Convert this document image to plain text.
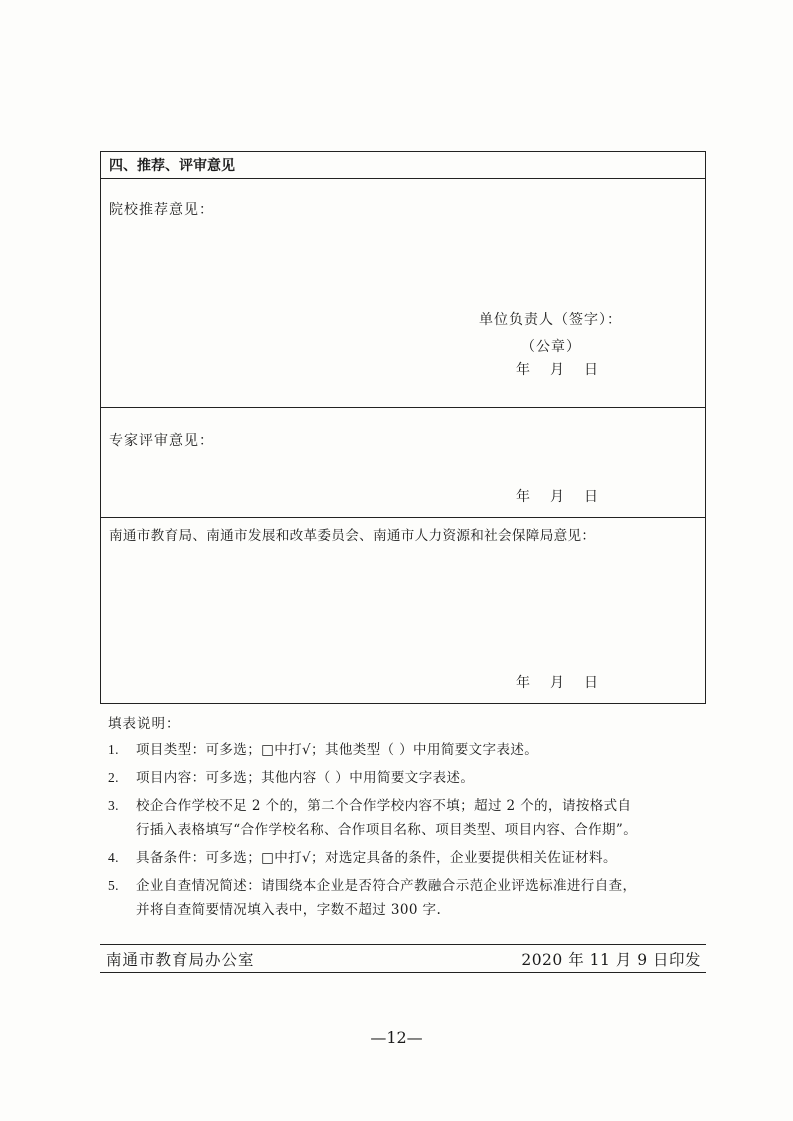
四、推荐、评审意见
院校推荐意见：
单位负责人（签字）：
（公章）
年 月 日
专家评审意见：
年 月 日
南通市教育局、南通市发展和改革委员会、南通市人力资源和社会保障局意见：
年 月 日
填表说明：
1. 项目类型：可多选；□中打√；其他类型（ ）中用简要文字表述。
2. 项目内容：可多选；其他内容（ ）中用简要文字表述。
3. 校企合作学校不足 2 个的，第二个合作学校内容不填；超过 2 个的，请按格式自
行插入表格填写“合作学校名称、合作项目名称、项目类型、项目内容、合作期”。
4. 具备条件：可多选；□中打√；对选定具备的条件，企业要提供相关佐证材料。
5. 企业自查情况简述：请围绕本企业是否符合产教融合示范企业评选标准进行自查，
并将自查简要情况填入表中，字数不超过 300 字.
南通市教育局办公室	2020 年 11 月 9 日印发
—12—
